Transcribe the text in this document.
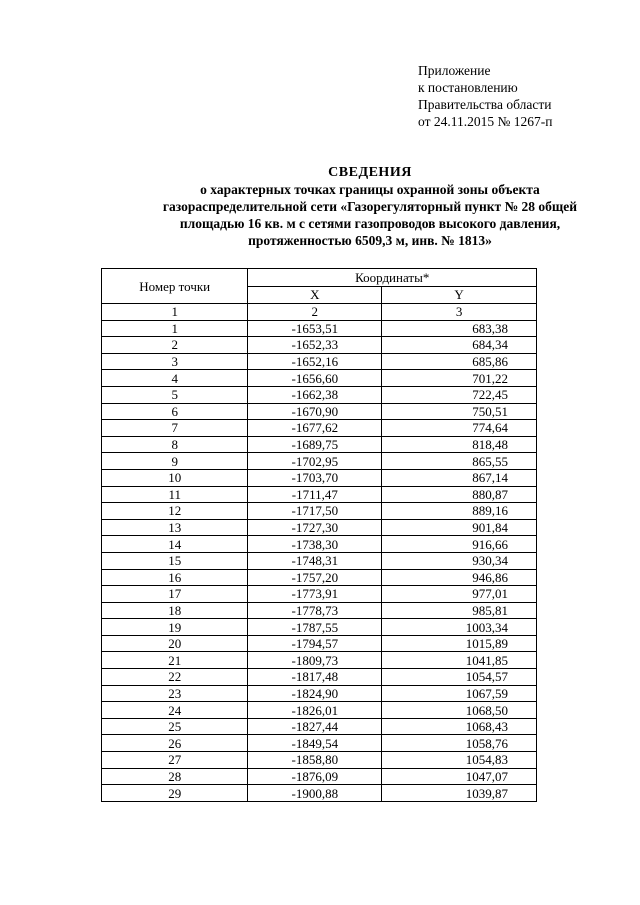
Приложение
к постановлению
Правительства области
от 24.11.2015 № 1267-п
СВЕДЕНИЯ
о характерных точках границы охранной зоны объекта
газораспределительной сети «Газорегуляторный пункт № 28 общей
площадью 16 кв. м с сетями газопроводов высокого давления,
протяженностью 6509,3 м, инв. № 1813»
Номер точки	Координаты*	
	X	Y
1	2	3
1	-1653,51	683,38
2	-1652,33	684,34
3	-1652,16	685,86
4	-1656,60	701,22
5	-1662,38	722,45
6	-1670,90	750,51
7	-1677,62	774,64
8	-1689,75	818,48
9	-1702,95	865,55
10	-1703,70	867,14
11	-1711,47	880,87
12	-1717,50	889,16
13	-1727,30	901,84
14	-1738,30	916,66
15	-1748,31	930,34
16	-1757,20	946,86
17	-1773,91	977,01
18	-1778,73	985,81
19	-1787,55	1003,34
20	-1794,57	1015,89
21	-1809,73	1041,85
22	-1817,48	1054,57
23	-1824,90	1067,59
24	-1826,01	1068,50
25	-1827,44	1068,43
26	-1849,54	1058,76
27	-1858,80	1054,83
28	-1876,09	1047,07
29	-1900,88	1039,87
